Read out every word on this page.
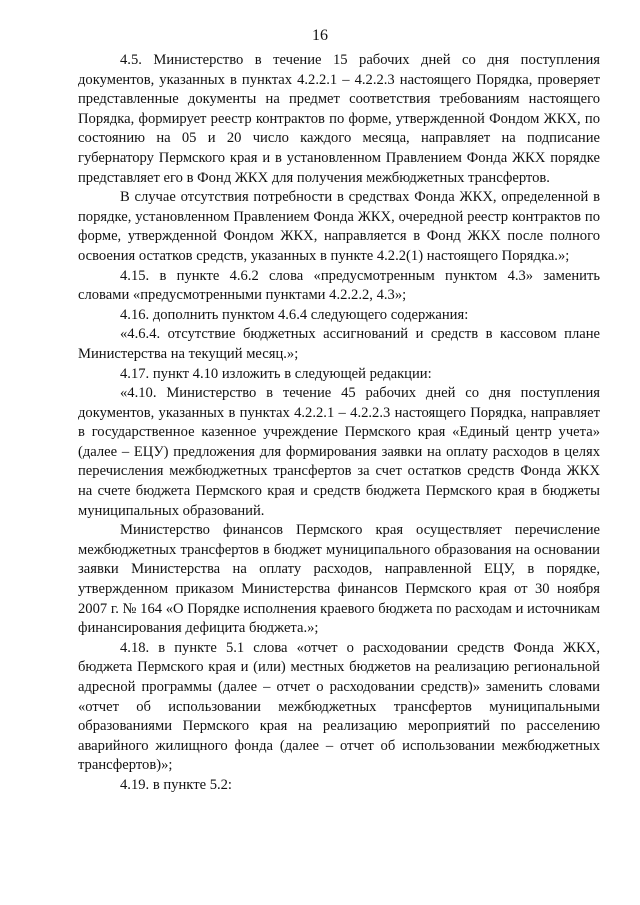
16

4.5. Министерство в течение 15 рабочих дней со дня поступления документов, указанных в пунктах 4.2.2.1 – 4.2.2.3 настоящего Порядка, проверяет представленные документы на предмет соответствия требованиям настоящего Порядка, формирует реестр контрактов по форме, утвержденной Фондом ЖКХ, по состоянию на 05 и 20 число каждого месяца, направляет на подписание губернатору Пермского края и в установленном Правлением Фонда ЖКХ порядке представляет его в Фонд ЖКХ для получения межбюджетных трансфертов.

В случае отсутствия потребности в средствах Фонда ЖКХ, определенной в порядке, установленном Правлением Фонда ЖКХ, очередной реестр контрактов по форме, утвержденной Фондом ЖКХ, направляется в Фонд ЖКХ после полного освоения остатков средств, указанных в пункте 4.2.2(1) настоящего Порядка.»;

4.15. в пункте 4.6.2 слова «предусмотренным пунктом 4.3» заменить словами «предусмотренными пунктами 4.2.2.2, 4.3»;

4.16. дополнить пунктом 4.6.4 следующего содержания:

«4.6.4. отсутствие бюджетных ассигнований и средств в кассовом плане Министерства на текущий месяц.»;

4.17. пункт 4.10 изложить в следующей редакции:

«4.10. Министерство в течение 45 рабочих дней со дня поступления документов, указанных в пунктах 4.2.2.1 – 4.2.2.3 настоящего Порядка, направляет в государственное казенное учреждение Пермского края «Единый центр учета» (далее – ЕЦУ) предложения для формирования заявки на оплату расходов в целях перечисления межбюджетных трансфертов за счет остатков средств Фонда ЖКХ на счете бюджета Пермского края и средств бюджета Пермского края в бюджеты муниципальных образований.

Министерство финансов Пермского края осуществляет перечисление межбюджетных трансфертов в бюджет муниципального образования на основании заявки Министерства на оплату расходов, направленной ЕЦУ, в порядке, утвержденном приказом Министерства финансов Пермского края от 30 ноября 2007 г. № 164 «О Порядке исполнения краевого бюджета по расходам и источникам финансирования дефицита бюджета.»;

4.18. в пункте 5.1 слова «отчет о расходовании средств Фонда ЖКХ, бюджета Пермского края и (или) местных бюджетов на реализацию региональной адресной программы (далее – отчет о расходовании средств)» заменить словами «отчет об использовании межбюджетных трансфертов муниципальными образованиями Пермского края на реализацию мероприятий по расселению аварийного жилищного фонда (далее – отчет об использовании межбюджетных трансфертов)»;

4.19. в пункте 5.2:
